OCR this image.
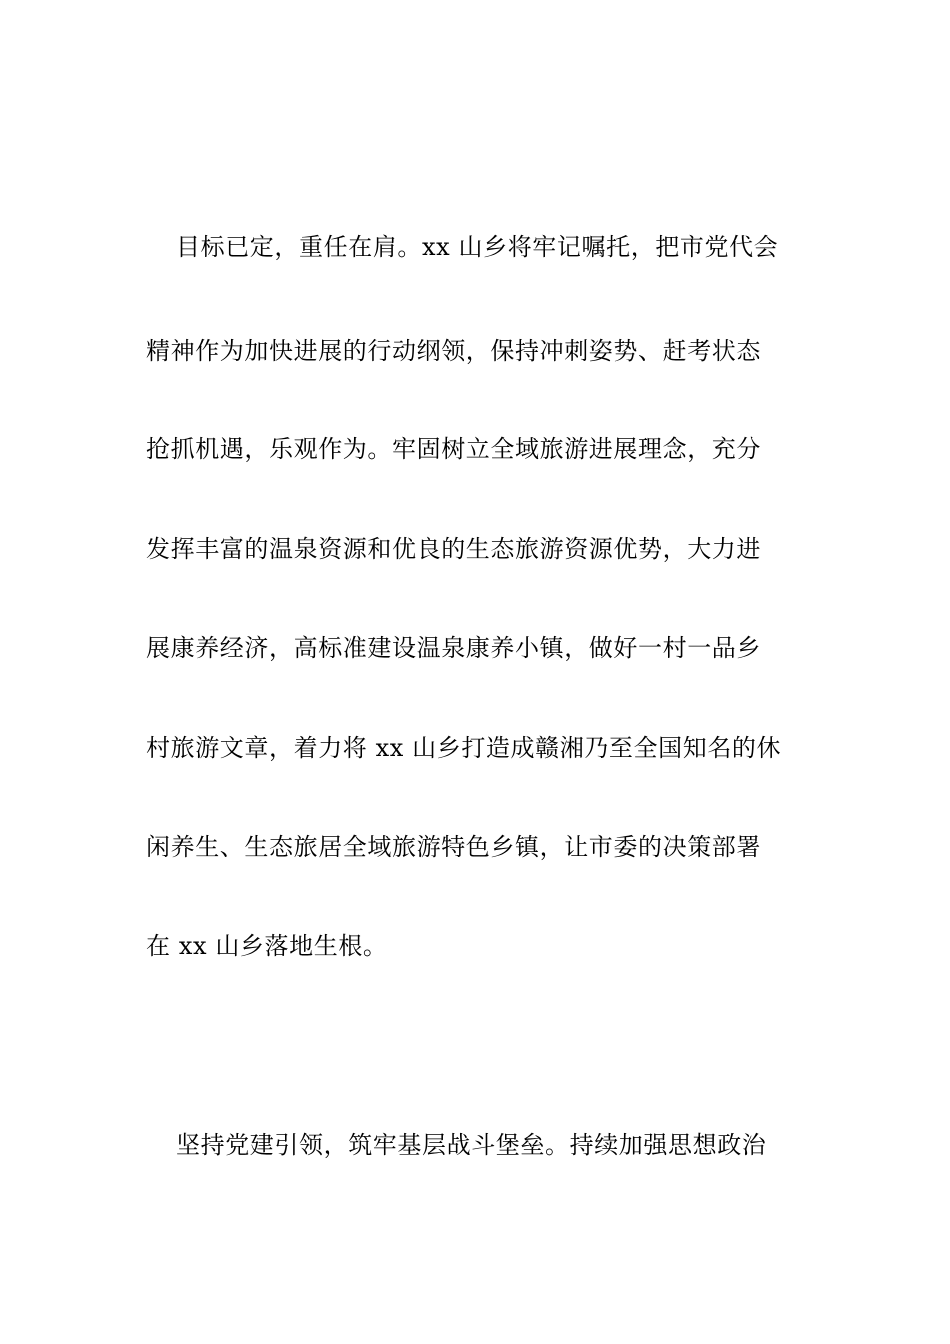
目标已定，重任在肩。xx 山乡将牢记嘱托，把市党代会
精神作为加快进展的行动纲领，保持冲刺姿势、赶考状态
抢抓机遇，乐观作为。牢固树立全域旅游进展理念，充分
发挥丰富的温泉资源和优良的生态旅游资源优势，大力进
展康养经济，高标准建设温泉康养小镇，做好一村一品乡
村旅游文章，着力将 xx 山乡打造成赣湘乃至全国知名的休
闲养生、生态旅居全域旅游特色乡镇，让市委的决策部署
在 xx 山乡落地生根。
坚持党建引领，筑牢基层战斗堡垒。持续加强思想政治
